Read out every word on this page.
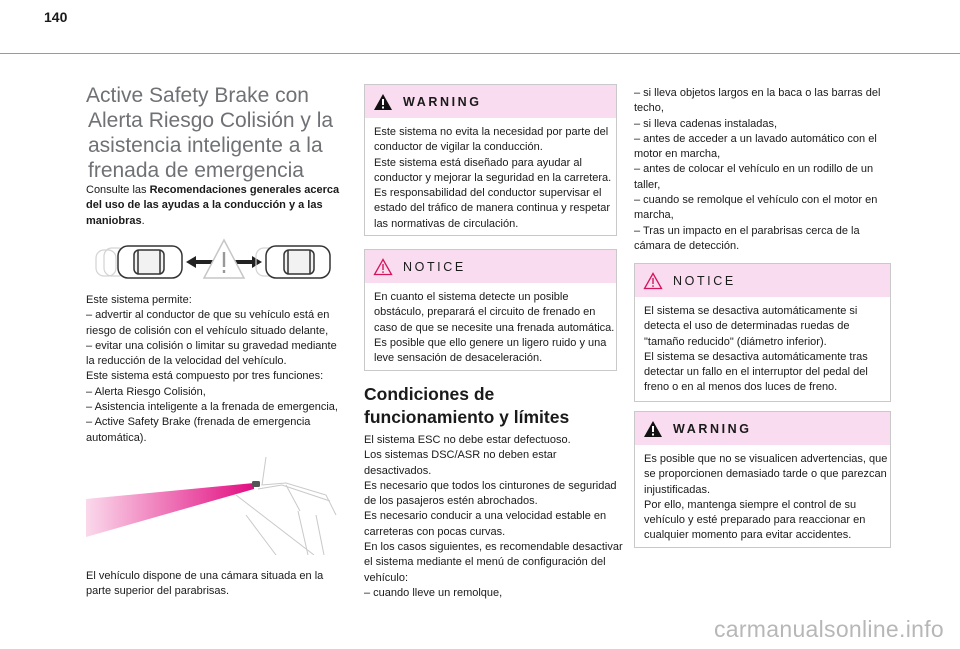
140
Active Safety Brake con
Alerta Riesgo Colisión y la
asistencia inteligente a la
frenada de emergencia

Consulte las Recomendaciones generales acerca
del uso de las ayudas a la conducción y a las
maniobras.

Este sistema permite:
– advertir al conductor de que su vehículo está en
riesgo de colisión con el vehículo situado delante,
– evitar una colisión o limitar su gravedad mediante
la reducción de la velocidad del vehículo.
Este sistema está compuesto por tres funciones:
– Alerta Riesgo Colisión,
– Asistencia inteligente a la frenada de emergencia,
– Active Safety Brake (frenada de emergencia
automática).

El vehículo dispone de una cámara situada en la
parte superior del parabrisas.

WARNING
Este sistema no evita la necesidad por parte del
conductor de vigilar la conducción.
Este sistema está diseñado para ayudar al
conductor y mejorar la seguridad en la carretera.
Es responsabilidad del conductor supervisar el
estado del tráfico de manera continua y respetar
las normativas de circulación.
NOTICE
En cuanto el sistema detecte un posible
obstáculo, preparará el circuito de frenado en
caso de que se necesite una frenada automática.
Es posible que ello genere un ligero ruido y una
leve sensación de desaceleración.
Condiciones de
funcionamiento y límites

El sistema ESC no debe estar defectuoso.
Los sistemas DSC/ASR no deben estar
desactivados.
Es necesario que todos los cinturones de seguridad
de los pasajeros estén abrochados.
Es necesario conducir a una velocidad estable en
carreteras con pocas curvas.
En los casos siguientes, es recomendable desactivar
el sistema mediante el menú de configuración del
vehículo:
– cuando lleve un remolque,

– si lleva objetos largos en la baca o las barras del
techo,
– si lleva cadenas instaladas,
– antes de acceder a un lavado automático con el
motor en marcha,
– antes de colocar el vehículo en un rodillo de un
taller,
– cuando se remolque el vehículo con el motor en
marcha,
– Tras un impacto en el parabrisas cerca de la
cámara de detección.

NOTICE
El sistema se desactiva automáticamente si
detecta el uso de determinadas ruedas de
"tamaño reducido" (diámetro inferior).
El sistema se desactiva automáticamente tras
detectar un fallo en el interruptor del pedal del
freno o en al menos dos luces de freno.
WARNING
Es posible que no se visualicen advertencias, que
se proporcionen demasiado tarde o que parezcan
injustificadas.
Por ello, mantenga siempre el control de su
vehículo y esté preparado para reaccionar en
cualquier momento para evitar accidentes.
carmanualsonline.info
